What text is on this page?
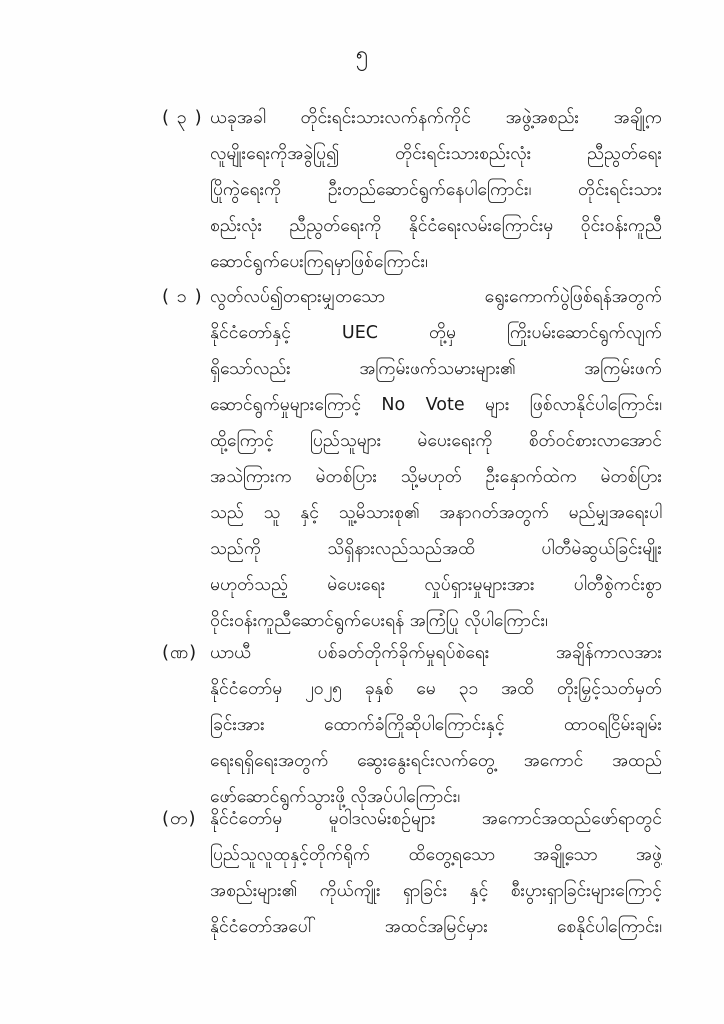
၅
( ၃ ) ယခုအခါ တိုင်းရင်းသားလက်နက်ကိုင် အဖွဲ့အစည်း အချို့က
လူမျိုးရေးကိုအခွဲပြု၍ တိုင်းရင်းသားစည်းလုံး ညီညွတ်ရေး
ပြိုကွဲရေးကို ဦးတည်ဆောင်ရွက်နေပါကြောင်း၊ တိုင်းရင်းသား
စည်းလုံး ညီညွတ်ရေးကို နိုင်ငံရေးလမ်းကြောင်းမှ ဝိုင်းဝန်းကူညီ
ဆောင်ရွက်ပေးကြရမှာဖြစ်ကြောင်း၊
( ၁ ) လွတ်လပ်၍တရားမျှတသော ရွေးကောက်ပွဲဖြစ်ရန်အတွက်
နိုင်ငံတော်နှင့် UEC တို့မှ ကြိုးပမ်းဆောင်ရွက်လျက်
ရှိသော်လည်း အကြမ်းဖက်သမားများ၏ အကြမ်းဖက်
ဆောင်ရွက်မှုများကြောင့် No Vote များ ဖြစ်လာနိုင်ပါကြောင်း၊
ထို့ကြောင့် ပြည်သူများ မဲပေးရေးကို စိတ်ဝင်စားလာအောင်
အသဲကြားက မဲတစ်ပြား သို့မဟုတ် ဦးနှောက်ထဲက မဲတစ်ပြား
သည် သူ နှင့် သူ့မိသားစု၏ အနာဂတ်အတွက် မည်မျှအရေးပါ
သည်ကို သိရှိနားလည်သည်အထိ ပါတီမဲဆွယ်ခြင်းမျိုး
မဟုတ်သည့် မဲပေးရေး လှုပ်ရှားမှုများအား ပါတီစွဲကင်းစွာ
ဝိုင်းဝန်းကူညီဆောင်ရွက်ပေးရန် အကြံပြု လိုပါကြောင်း၊
(ဏ) ယာယီ ပစ်ခတ်တိုက်ခိုက်မှုရပ်စဲရေး အချိန်ကာလအား
နိုင်ငံတော်မှ ၂၀၂၅ ခုနှစ် မေ ၃၁ အထိ တိုးမြှင့်သတ်မှတ်
ခြင်းအား ထောက်ခံကြိုဆိုပါကြောင်းနှင့် ထာဝရငြိမ်းချမ်း
ရေးရရှိရေးအတွက် ဆွေးနွေးရင်းလက်တွေ့ အကောင် အထည်
ဖော်ဆောင်ရွက်သွားဖို့ လိုအပ်ပါကြောင်း၊
(တ) နိုင်ငံတော်မှ မူဝါဒလမ်းစဉ်များ အကောင်အထည်ဖော်ရာတွင်
ပြည်သူလူထုနှင့်တိုက်ရိုက် ထိတွေ့ရသော အချို့သော အဖွဲ့
အစည်းများ၏ ကိုယ်ကျိုး ရှာခြင်း နှင့် စီးပွားရှာခြင်းများကြောင့်
နိုင်ငံတော်အပေါ် အထင်အမြင်မှား စေနိုင်ပါကြောင်း၊
